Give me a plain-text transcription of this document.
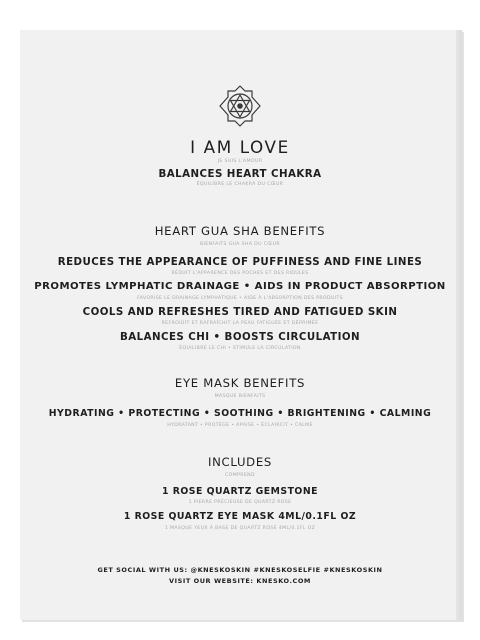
I AM LOVE
JE SUIS L'AMOUR
BALANCES HEART CHAKRA
ÉQUILIBRE LE CHAKRA DU CŒUR
HEART GUA SHA BENEFITS
BIENFAITS GUA SHA DU CŒUR
REDUCES THE APPEARANCE OF PUFFINESS AND FINE LINES
RÉDUIT L'APPARENCE DES POCHES ET DES RIDULES
PROMOTES LYMPHATIC DRAINAGE • AIDS IN PRODUCT ABSORPTION
FAVORISE LE DRAINAGE LYMPHATIQUE • AIDE À L'ABSORPTION DES PRODUITS
COOLS AND REFRESHES TIRED AND FATIGUED SKIN
REFROIDIT ET RAFRAÎCHIT LA PEAU FATIGUÉE ET DÉPRIMÉE
BALANCES CHI • BOOSTS CIRCULATION
ÉQUILIBRE LE CHI • STIMULE LA CIRCULATION
EYE MASK BENEFITS
MASQUE BIENFAITS
HYDRATING • PROTECTING • SOOTHING • BRIGHTENING • CALMING
HYDRATANT • PROTÈGE • APAISE • ÉCLAIRCIT • CALME
INCLUDES
COMPREND
1 ROSE QUARTZ GEMSTONE
1 PIERRE PRÉCIEUSE DE QUARTZ ROSE
1 ROSE QUARTZ EYE MASK 4ML/0.1FL OZ
1 MASQUE YEUX À BASE DE QUARTZ ROSE 4ML/0.1FL OZ
GET SOCIAL WITH US: @KNESKOSKIN #KNESKOSELFIE #KNESKOSKIN
VISIT OUR WEBSITE: KNESKO.COM
